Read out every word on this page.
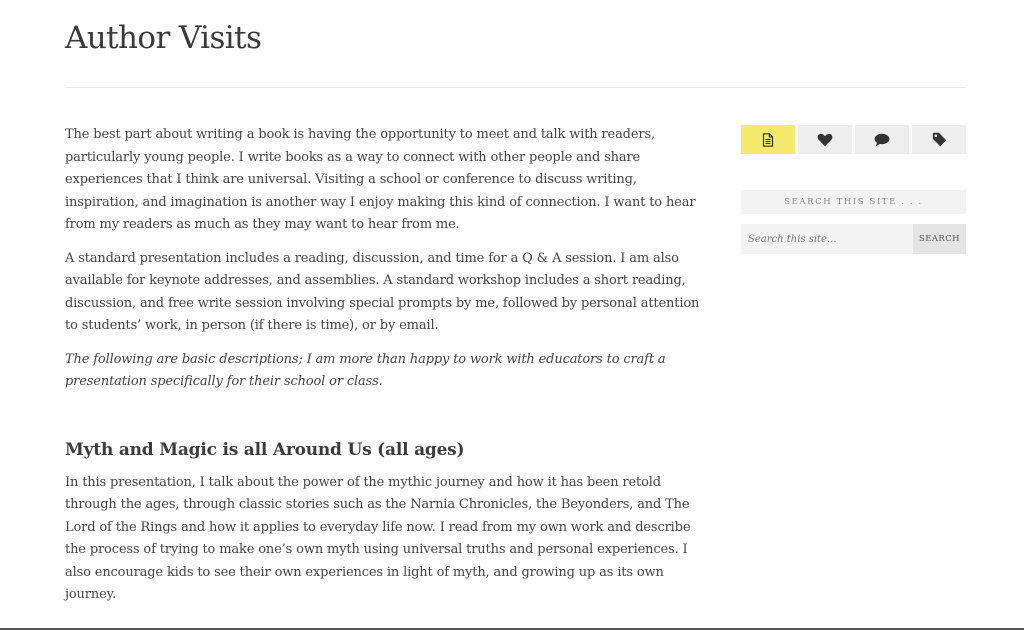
Author Visits

The best part about writing a book is having the opportunity to meet and talk with readers, particularly young people. I write books as a way to connect with other people and share experiences that I think are universal. Visiting a school or conference to discuss writing, inspiration, and imagination is another way I enjoy making this kind of connection. I want to hear from my readers as much as they may want to hear from me.

A standard presentation includes a reading, discussion, and time for a Q & A session. I am also available for keynote addresses, and assemblies. A standard workshop includes a short reading, discussion, and free write session involving special prompts by me, followed by personal attention to students’ work, in person (if there is time), or by email.

The following are basic descriptions; I am more than happy to work with educators to craft a presentation specifically for their school or class.

Myth and Magic is all Around Us (all ages)

In this presentation, I talk about the power of the mythic journey and how it has been retold through the ages, through classic stories such as the Narnia Chronicles, the Beyonders, and The Lord of the Rings and how it applies to everyday life now. I read from my own work and describe the process of trying to make one’s own myth using universal truths and personal experiences. I also encourage kids to see their own experiences in light of myth, and growing up as its own journey.

SEARCH THIS SITE . . .
Search this site...
SEARCH
